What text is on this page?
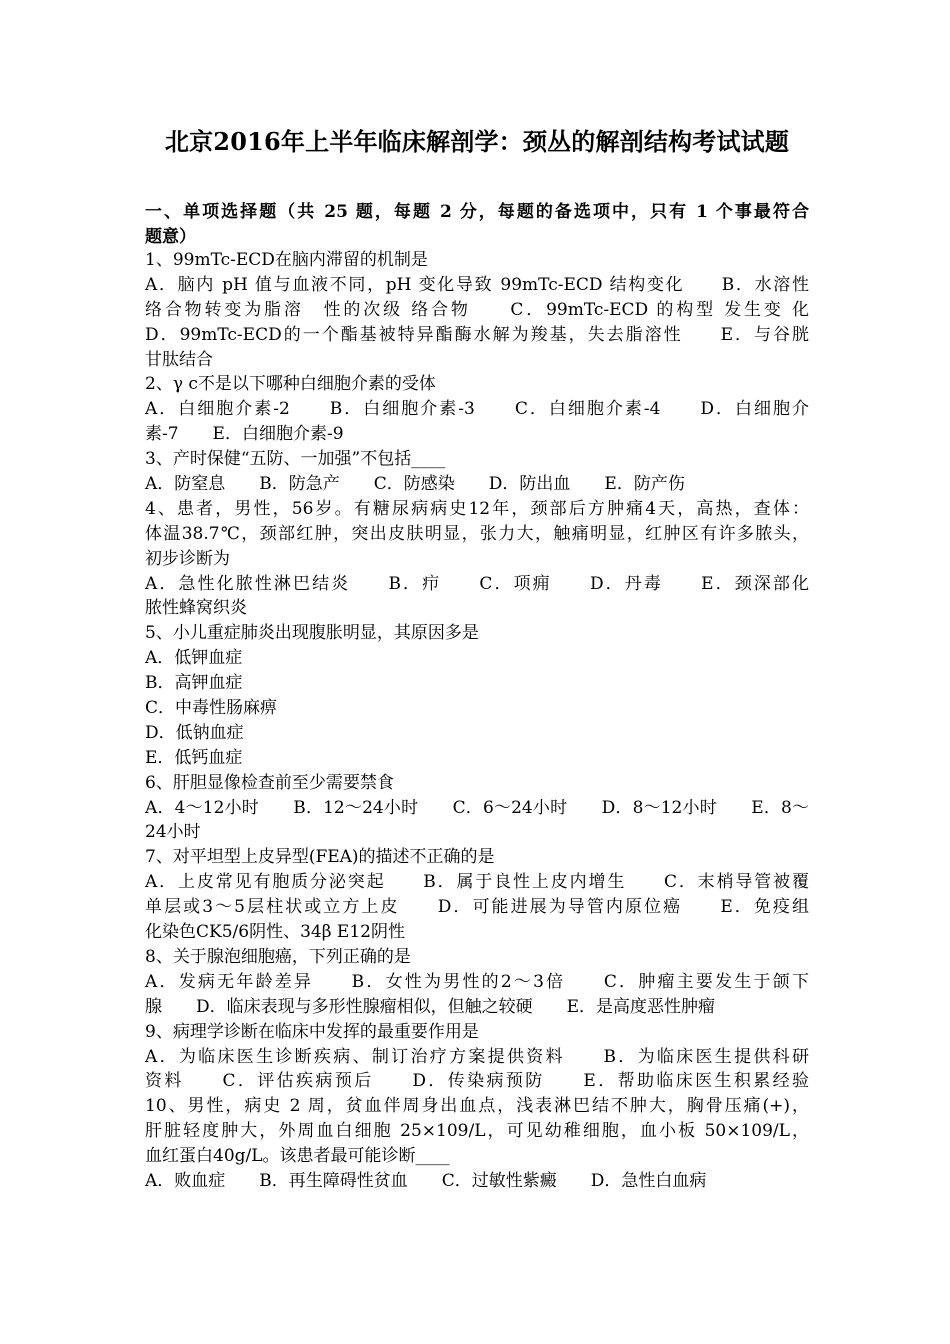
北京2016年上半年临床解剖学：颈丛的解剖结构考试试题
一、单项选择题（共 25 题，每题 2 分，每题的备选项中，只有 1 个事最符合
题意）
1、99mTc-ECD在脑内滞留的机制是
A．脑内 pH 值与血液不同，pH 变化导致 99mTc-ECD 结构变化　　B．水溶性
络合物转变为脂溶　性的次级 络合物　　C．99mTc-ECD 的构型 发生变 化
D．99mTc-ECD的一个酯基被特异酯酶水解为羧基，失去脂溶性　　E．与谷胱
甘肽结合
2、γ c不是以下哪种白细胞介素的受体
A．白细胞介素-2　　B．白细胞介素-3　　C．白细胞介素-4　　D．白细胞介
素-7　　E．白细胞介素-9
3、产时保健“五防、一加强”不包括____
A．防窒息　　B．防急产　　C．防感染　　D．防出血　　E．防产伤
4、患者，男性，56岁。有糖尿病病史12年，颈部后方肿痛4天，高热，查体：
体温38.7℃，颈部红肿，突出皮肤明显，张力大，触痛明显，红肿区有许多脓头，
初步诊断为
A．急性化脓性淋巴结炎　　B．疖　　C．项痈　　D．丹毒　　E．颈深部化
脓性蜂窝织炎
5、小儿重症肺炎出现腹胀明显，其原因多是
A．低钾血症
B．高钾血症
C．中毒性肠麻痹
D．低钠血症
E．低钙血症
6、肝胆显像检查前至少需要禁食
A．4～12小时　　B．12～24小时　　C．6～24小时　　D．8～12小时　　E．8～
24小时
7、对平坦型上皮异型(FEA)的描述不正确的是
A．上皮常见有胞质分泌突起　　B．属于良性上皮内增生　　C．末梢导管被覆
单层或3～5层柱状或立方上皮　　D．可能进展为导管内原位癌　　E．免疫组
化染色CK5/6阴性、34β E12阴性
8、关于腺泡细胞癌，下列正确的是
A．发病无年龄差异　　B．女性为男性的2～3倍　　C．肿瘤主要发生于颌下
腺　　D．临床表现与多形性腺瘤相似，但触之较硬　　E．是高度恶性肿瘤
9、病理学诊断在临床中发挥的最重要作用是
A．为临床医生诊断疾病、制订治疗方案提供资料　　B．为临床医生提供科研
资料　　C．评估疾病预后　　D．传染病预防　　E．帮助临床医生积累经验
10、男性，病史 2 周，贫血伴周身出血点，浅表淋巴结不肿大，胸骨压痛(+)，
肝脏轻度肿大，外周血白细胞 25×109/L，可见幼稚细胞，血小板 50×109/L，
血红蛋白40g/L。该患者最可能诊断____
A．败血症　　B．再生障碍性贫血　　C．过敏性紫癜　　D．急性白血病
